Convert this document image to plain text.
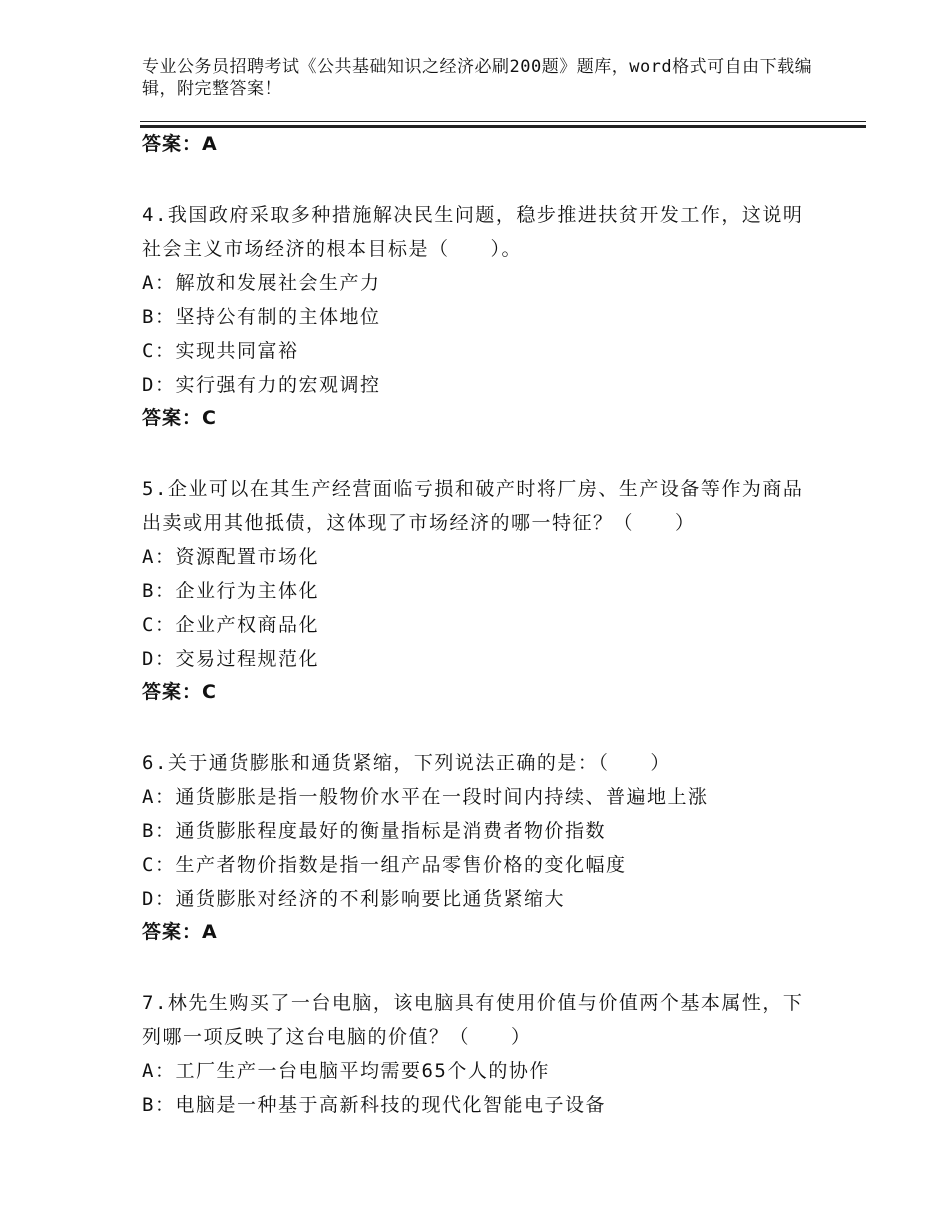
专业公务员招聘考试《公共基础知识之经济必刷200题》题库，word格式可自由下载编辑，附完整答案！
答案：A
4.我国政府采取多种措施解决民生问题，稳步推进扶贫开发工作，这说明社会主义市场经济的根本目标是（　　）。
A：解放和发展社会生产力
B：坚持公有制的主体地位
C：实现共同富裕
D：实行强有力的宏观调控
答案：C
5.企业可以在其生产经营面临亏损和破产时将厂房、生产设备等作为商品出卖或用其他抵债，这体现了市场经济的哪一特征？（　　）
A：资源配置市场化
B：企业行为主体化
C：企业产权商品化
D：交易过程规范化
答案：C
6.关于通货膨胀和通货紧缩，下列说法正确的是：（　　）
A：通货膨胀是指一般物价水平在一段时间内持续、普遍地上涨
B：通货膨胀程度最好的衡量指标是消费者物价指数
C：生产者物价指数是指一组产品零售价格的变化幅度
D：通货膨胀对经济的不利影响要比通货紧缩大
答案：A
7.林先生购买了一台电脑，该电脑具有使用价值与价值两个基本属性，下列哪一项反映了这台电脑的价值？（　　）
A：工厂生产一台电脑平均需要65个人的协作
B：电脑是一种基于高新科技的现代化智能电子设备
